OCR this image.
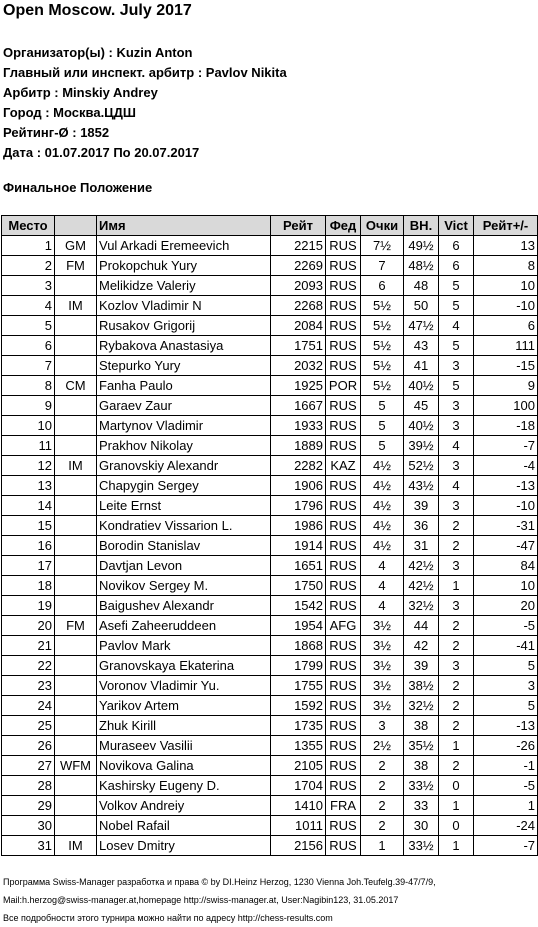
Open Moscow. July 2017
Организатор(ы) : Kuzin Anton
Главный или инспект. арбитр : Pavlov Nikita
Арбитр : Minskiy Andrey
Город : Москва.ЦДШ
Рейтинг-Ø : 1852
Дата : 01.07.2017 По 20.07.2017
Финальное Положение
Место		Имя	Рейт	Фед	Очки	ВН.	Vict	Рейт+/-
1	GM	Vul Arkadi Eremeevich	2215	RUS	7½	49½	6	13
2	FM	Prokopchuk Yury	2269	RUS	7	48½	6	8
3		Melikidze Valeriy	2093	RUS	6	48	5	10
4	IM	Kozlov Vladimir N	2268	RUS	5½	50	5	-10
5		Rusakov Grigorij	2084	RUS	5½	47½	4	6
6		Rybakova Anastasiya	1751	RUS	5½	43	5	111
7		Stepurko Yury	2032	RUS	5½	41	3	-15
8	CM	Fanha Paulo	1925	POR	5½	40½	5	9
9		Garaev Zaur	1667	RUS	5	45	3	100
10		Martynov Vladimir	1933	RUS	5	40½	3	-18
11		Prakhov Nikolay	1889	RUS	5	39½	4	-7
12	IM	Granovskiy Alexandr	2282	KAZ	4½	52½	3	-4
13		Chapygin Sergey	1906	RUS	4½	43½	4	-13
14		Leite Ernst	1796	RUS	4½	39	3	-10
15		Kondratiev Vissarion L.	1986	RUS	4½	36	2	-31
16		Borodin Stanislav	1914	RUS	4½	31	2	-47
17		Davtjan Levon	1651	RUS	4	42½	3	84
18		Novikov Sergey M.	1750	RUS	4	42½	1	10
19		Baigushev Alexandr	1542	RUS	4	32½	3	20
20	FM	Asefi Zaheeruddeen	1954	AFG	3½	44	2	-5
21		Pavlov Mark	1868	RUS	3½	42	2	-41
22		Granovskaya Ekaterina	1799	RUS	3½	39	3	5
23		Voronov Vladimir Yu.	1755	RUS	3½	38½	2	3
24		Yarikov Artem	1592	RUS	3½	32½	2	5
25		Zhuk Kirill	1735	RUS	3	38	2	-13
26		Muraseev Vasilii	1355	RUS	2½	35½	1	-26
27	WFM	Novikova Galina	2105	RUS	2	38	2	-1
28		Kashirsky Eugeny D.	1704	RUS	2	33½	0	-5
29		Volkov Andreiy	1410	FRA	2	33	1	1
30		Nobel Rafail	1011	RUS	2	30	0	-24
31	IM	Losev Dmitry	2156	RUS	1	33½	1	-7
Программа Swiss-Manager разработка и права © by DI.Heinz Herzog, 1230 Vienna Joh.Teufelg.39-47/7/9,
Mail:h.herzog@swiss-manager.at,homepage http://swiss-manager.at, User:Nagibin123, 31.05.2017
Все подробности этого турнира можно найти по адресу http://chess-results.com
